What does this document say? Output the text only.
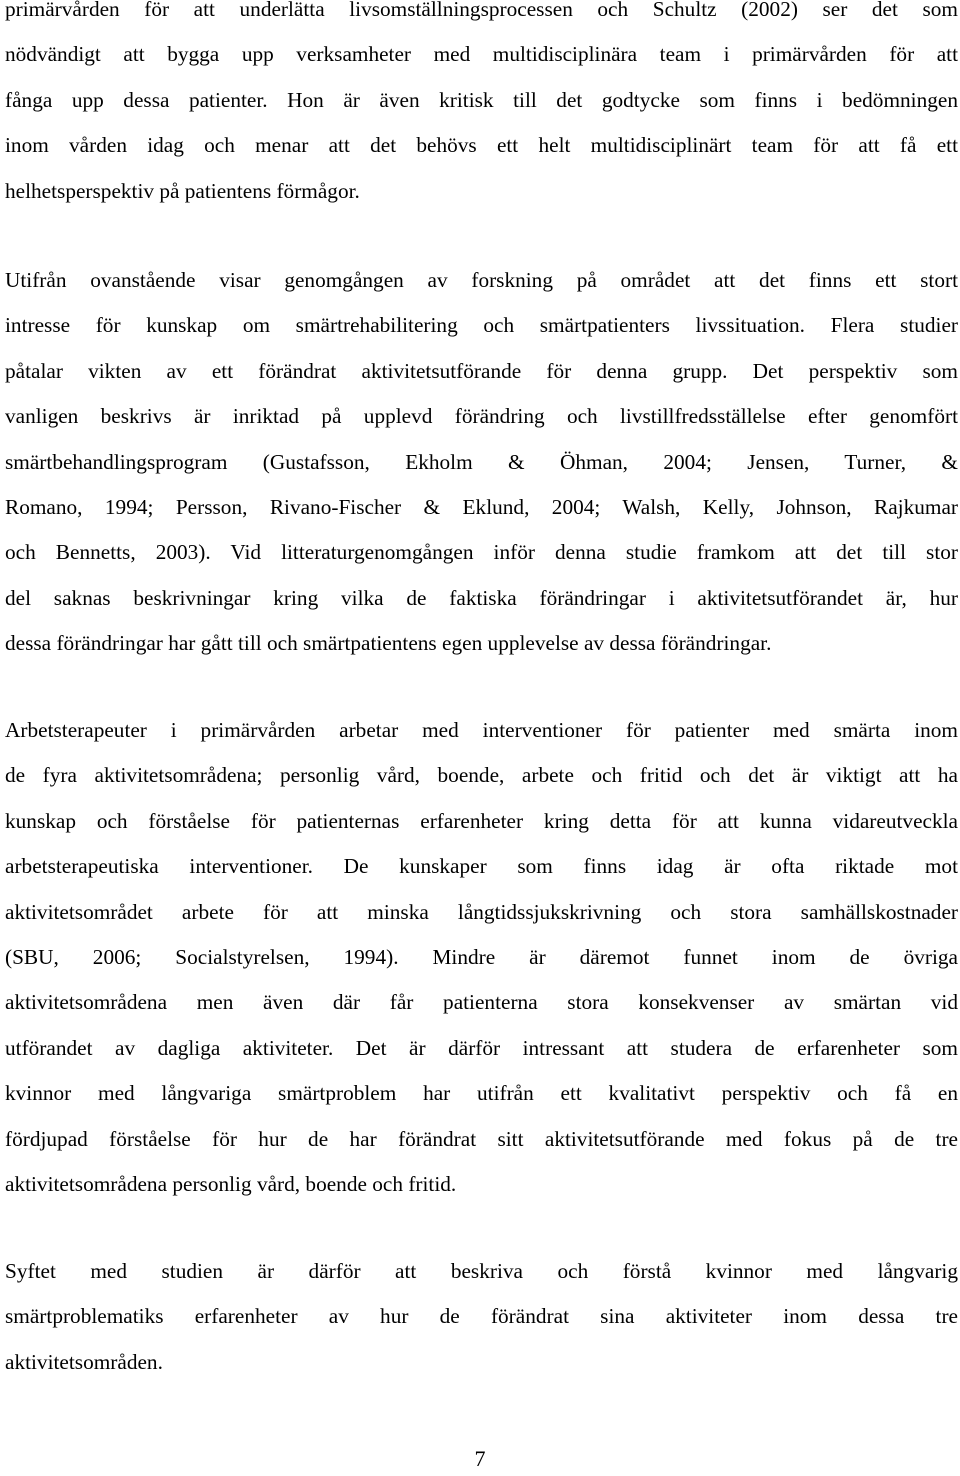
primärvården för att underlätta livsomställningsprocessen och Schultz (2002) ser det som
nödvändigt att bygga upp verksamheter med multidisciplinära team i primärvården för att
fånga upp dessa patienter. Hon är även kritisk till det godtycke som finns i bedömningen
inom vården idag och menar att det behövs ett helt multidisciplinärt team för att få ett
helhetsperspektiv på patientens förmågor.
Utifrån ovanstående visar genomgången av forskning på området att det finns ett stort
intresse för kunskap om smärtrehabilitering och smärtpatienters livssituation. Flera studier
påtalar vikten av ett förändrat aktivitetsutförande för denna grupp. Det perspektiv som
vanligen beskrivs är inriktad på upplevd förändring och livstillfredsställelse efter genomfört
smärtbehandlingsprogram (Gustafsson, Ekholm & Öhman, 2004; Jensen, Turner, &
Romano, 1994; Persson, Rivano-Fischer & Eklund, 2004; Walsh, Kelly, Johnson, Rajkumar
och Bennetts, 2003). Vid litteraturgenomgången inför denna studie framkom att det till stor
del saknas beskrivningar kring vilka de faktiska förändringar i aktivitetsutförandet är, hur
dessa förändringar har gått till och smärtpatientens egen upplevelse av dessa förändringar.
Arbetsterapeuter i primärvården arbetar med interventioner för patienter med smärta inom
de fyra aktivitetsområdena; personlig vård, boende, arbete och fritid och det är viktigt att ha
kunskap och förståelse för patienternas erfarenheter kring detta för att kunna vidareutveckla
arbetsterapeutiska interventioner. De kunskaper som finns idag är ofta riktade mot
aktivitetsområdet arbete för att minska långtidssjukskrivning och stora samhällskostnader
(SBU, 2006; Socialstyrelsen, 1994). Mindre är däremot funnet inom de övriga
aktivitetsområdena men även där får patienterna stora konsekvenser av smärtan vid
utförandet av dagliga aktiviteter. Det är därför intressant att studera de erfarenheter som
kvinnor med långvariga smärtproblem har utifrån ett kvalitativt perspektiv och få en
fördjupad förståelse för hur de har förändrat sitt aktivitetsutförande med fokus på de tre
aktivitetsområdena personlig vård, boende och fritid.
Syftet med studien är därför att beskriva och förstå kvinnor med långvarig
smärtproblematiks erfarenheter av hur de förändrat sina aktiviteter inom dessa tre
aktivitetsområden.
7
